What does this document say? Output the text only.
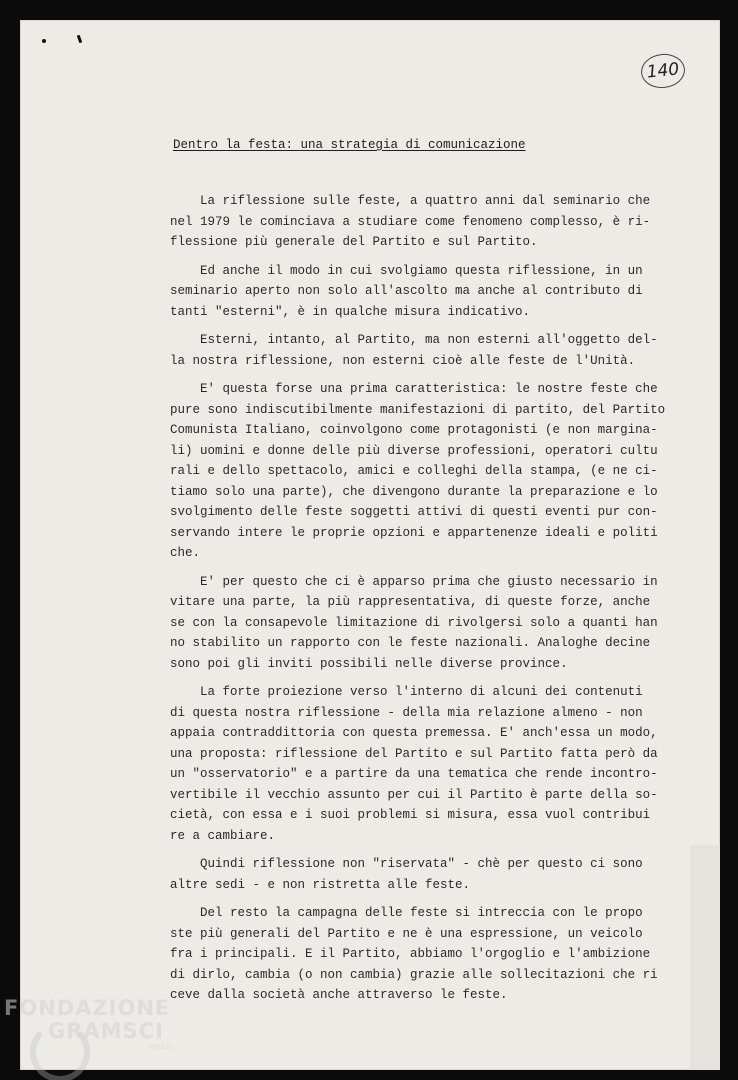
140
Dentro la festa: una strategia di comunicazione

La riflessione sulle feste, a quattro anni dal seminario che
nel 1979 le cominciava a studiare come fenomeno complesso, è ri-
flessione più generale del Partito e sul Partito.

Ed anche il modo in cui svolgiamo questa riflessione, in un
seminario aperto non solo all'ascolto ma anche al contributo di
tanti "esterni", è in qualche misura indicativo.

Esterni, intanto, al Partito, ma non esterni all'oggetto del-
la nostra riflessione, non esterni cioè alle feste de l'Unità.

E' questa forse una prima caratteristica: le nostre feste che
pure sono indiscutibilmente manifestazioni di partito, del Partito
Comunista Italiano, coinvolgono come protagonisti (e non margina-
li) uomini e donne delle più diverse professioni, operatori cultu
rali e dello spettacolo, amici e colleghi della stampa, (e ne ci-
tiamo solo una parte), che divengono durante la preparazione e lo
svolgimento delle feste soggetti attivi di questi eventi pur con-
servando intere le proprie opzioni e appartenenze ideali e politi
che.

E' per questo che ci è apparso prima che giusto necessario in
vitare una parte, la più rappresentativa, di queste forze, anche
se con la consapevole limitazione di rivolgersi solo a quanti han
no stabilito un rapporto con le feste nazionali. Analoghe decine
sono poi gli inviti possibili nelle diverse province.

La forte proiezione verso l'interno di alcuni dei contenuti
di questa nostra riflessione - della mia relazione almeno - non
appaia contraddittoria con questa premessa. E' anch'essa un modo,
una proposta: riflessione del Partito e sul Partito fatta però da
un "osservatorio" e a partire da una tematica che rende incontro-
vertibile il vecchio assunto per cui il Partito è parte della so-
cietà, con essa e i suoi problemi si misura, essa vuol contribui
re a cambiare.

Quindi riflessione non "riservata" - chè per questo ci sono
altre sedi - e non ristretta alle feste.

Del resto la campagna delle feste si intreccia con le propo
ste più generali del Partito e ne è una espressione, un veicolo
fra i principali. E il Partito, abbiamo l'orgoglio e l'ambizione
di dirlo, cambia (o non cambia) grazie alle sollecitazioni che ri
ceve dalla società anche attraverso le feste.

FONDAZIONE
GRAMSCI
onlus
